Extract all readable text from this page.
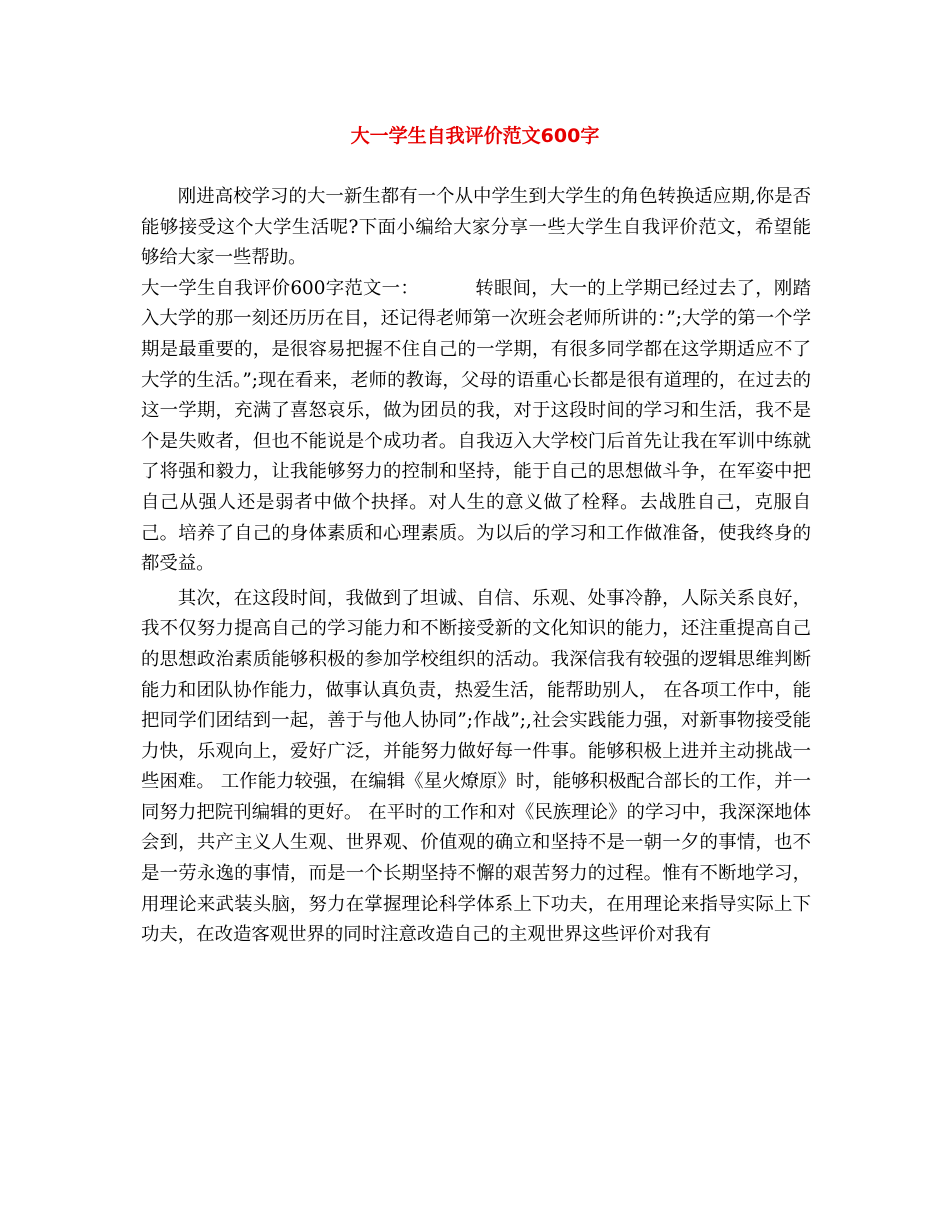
大一学生自我评价范文600字

刚进高校学习的大一新生都有一个从中学生到大学生的角色转换适应期,你是否能够接受这个大学生活呢?下面小编给大家分享一些大学生自我评价范文，希望能够给大家一些帮助。

大一学生自我评价600字范文一：	转眼间，大一的上学期已经过去了，刚踏入大学的那一刻还历历在目，还记得老师第一次班会老师所讲的：”;大学的第一个学期是最重要的，是很容易把握不住自己的一学期，有很多同学都在这学期适应不了大学的生活。”;现在看来，老师的教诲，父母的语重心长都是很有道理的，在过去的这一学期，充满了喜怒哀乐，做为团员的我，对于这段时间的学习和生活，我不是个是失败者，但也不能说是个成功者。自我迈入大学校门后首先让我在军训中练就了将强和毅力，让我能够努力的控制和坚持，能于自己的思想做斗争，在军姿中把自己从强人还是弱者中做个抉择。对人生的意义做了栓释。去战胜自己，克服自己。培养了自己的身体素质和心理素质。为以后的学习和工作做准备，使我终身的都受益。

其次，在这段时间，我做到了坦诚、自信、乐观、处事冷静，人际关系良好，我不仅努力提高自己的学习能力和不断接受新的文化知识的能力，还注重提高自己的思想政治素质能够积极的参加学校组织的活动。我深信我有较强的逻辑思维判断能力和团队协作能力，做事认真负责，热爱生活，能帮助别人， 在各项工作中，能把同学们团结到一起，善于与他人协同”;作战”;,社会实践能力强，对新事物接受能力快，乐观向上，爱好广泛，并能努力做好每一件事。能够积极上进并主动挑战一些困难。 工作能力较强，在编辑《星火燎原》时，能够积极配合部长的工作，并一同努力把院刊编辑的更好。 在平时的工作和对《民族理论》的学习中，我深深地体会到，共产主义人生观、世界观、价值观的确立和坚持不是一朝一夕的事情，也不是一劳永逸的事情，而是一个长期坚持不懈的艰苦努力的过程。惟有不断地学习，用理论来武装头脑，努力在掌握理论科学体系上下功夫，在用理论来指导实际上下功夫，在改造客观世界的同时注意改造自己的主观世界这些评价对我有
